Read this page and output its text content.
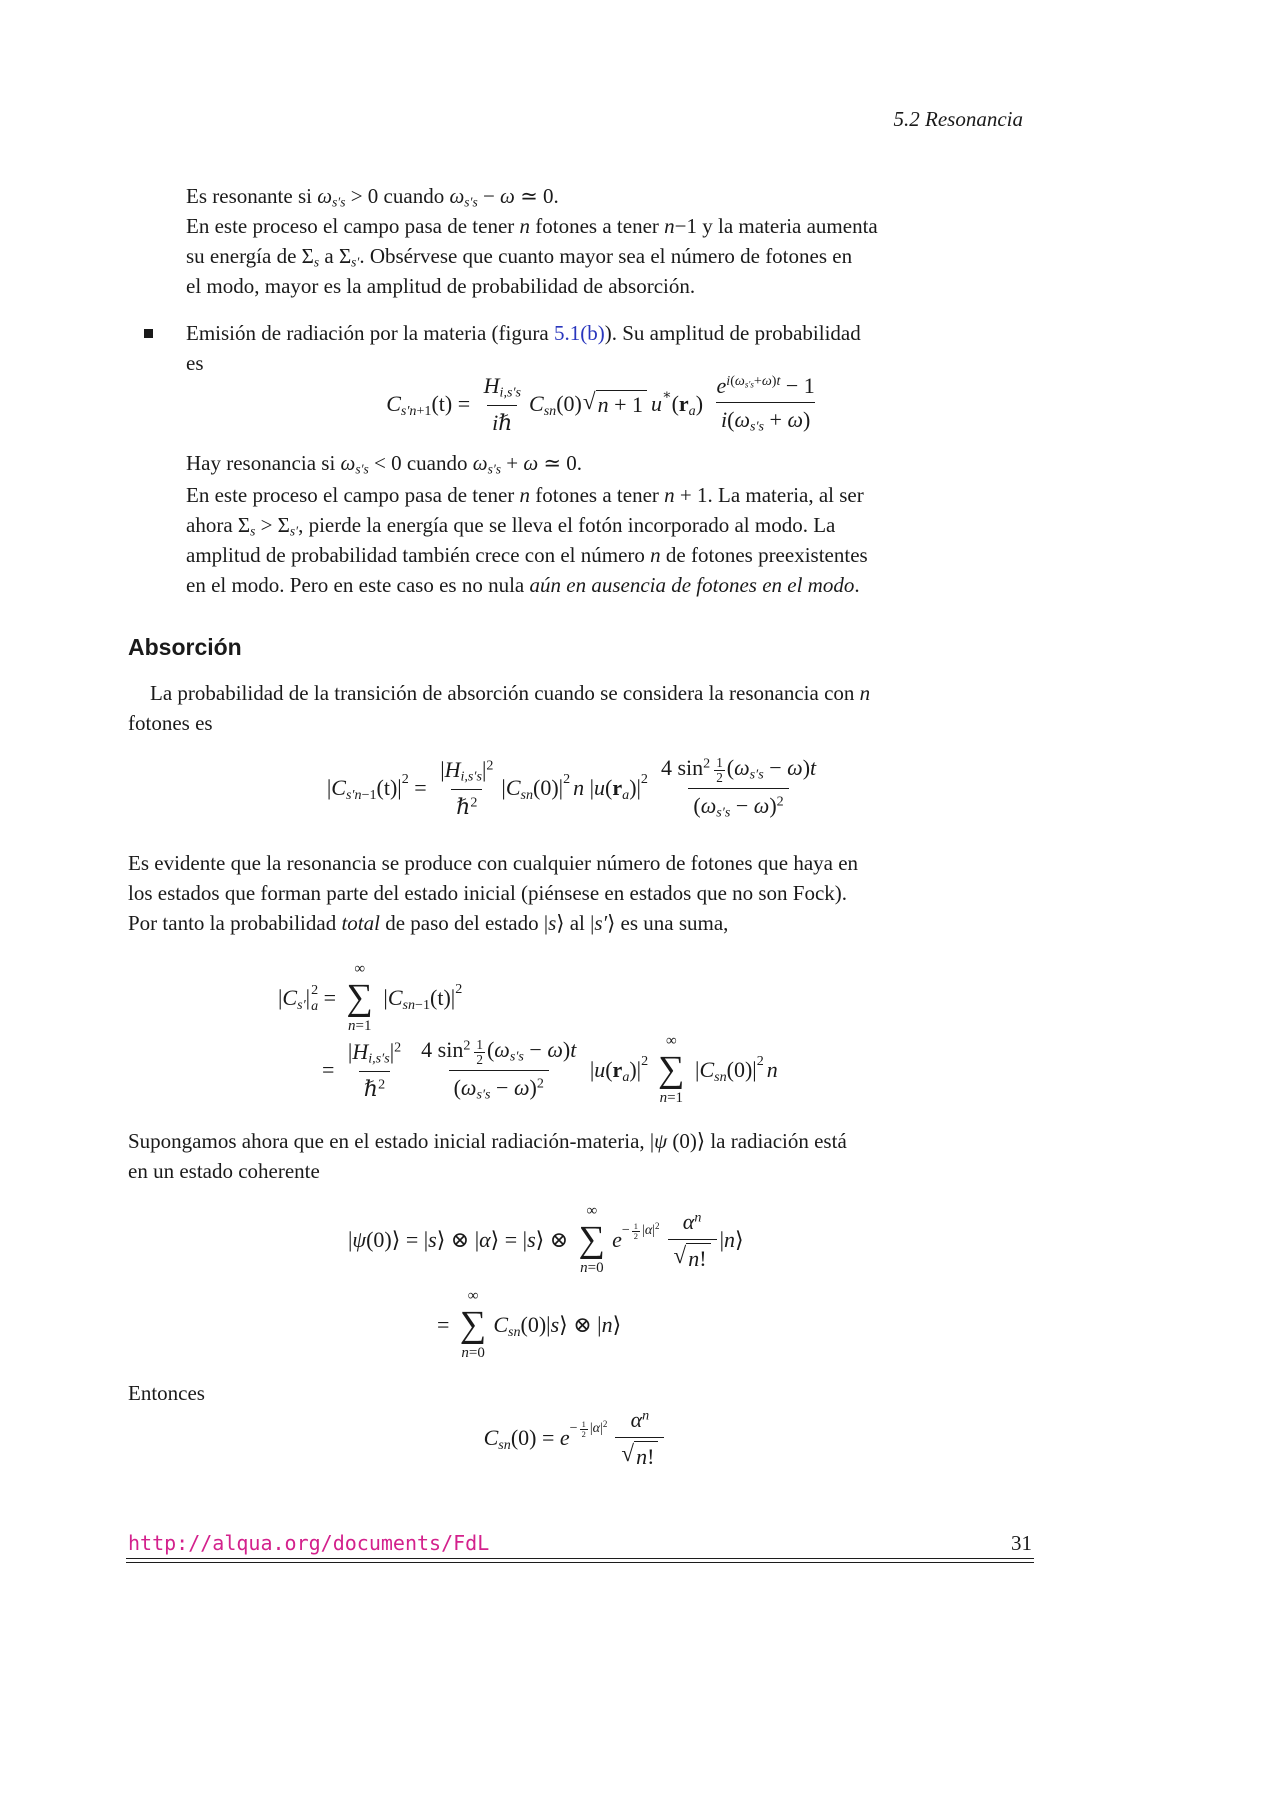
5.2 Resonancia
Es resonante si ωs′s > 0 cuando ωs′s − ω ≃ 0.
En este proceso el campo pasa de tener n fotones a tener n−1 y la materia aumenta
su energía de Σs a Σs′. Obsérvese que cuanto mayor sea el número de fotones en
el modo, mayor es la amplitud de probabilidad de absorción.
Emisión de radiación por la materia (figura 5.1(b)). Su amplitud de probabilidad
es
C s′n+1 (t) =
Hi,s′s
iℏ
C sn (0) √ n + 1 u ∗ ( r a )
$e^{i(\omega s's+\omega)t} - 1$
i(ωs′s + ω)
Hay resonancia si ωs′s < 0 cuando ωs′s + ω ≃ 0.
En este proceso el campo pasa de tener n fotones a tener n + 1. La materia, al ser
ahora Σs > Σs′, pierde la energía que se lleva el fotón incorporado al modo. La
amplitud de probabilidad también crece con el número n de fotones preexistentes
en el modo. Pero en este caso es no nula aún en ausencia de fotones en el modo.
Absorción
La probabilidad de la transición de absorción cuando se considera la resonancia con n
fotones es
| C s′n−1 (t)| 2 =
$|Hi,s's|^2$
ℏ$^2$
| C sn (0)| 2 n | u ( r a )| 2 4 $\sin^2 \frac{1}{2} (\omega s's - \omega)t$
$(\omega s's - \omega)^2$
Es evidente que la resonancia se produce con cualquier número de fotones que haya en
los estados que forman parte del estado inicial (piénsese en estados que no son Fock).
Por tanto la probabilidad total de paso del estado |s⟩ al |s′⟩ es una suma,
| C s′ | 2
a =
∞
∑
n=1
| C sn−1 (t)| 2
=
$|Hi,s's|^2$
ℏ$^2$
4 $\sin^2 \frac{1}{2} (\omega s's - \omega)t$
$(\omega s's - \omega)^2$
| u ( r a )| 2
∞
∑
n=1
| C sn (0)| 2 n
Supongamos ahora que en el estado inicial radiación-materia, |ψ (0)⟩ la radiación está
en un estado coherente
| ψ (0)⟩ = | s ⟩ ⊗ | α ⟩ = | s ⟩ ⊗
∞
∑
n=0
$e - \frac{1}{2} |\alpha|^2$ $\alpha^n$
√ n!
| n ⟩
=
∞
∑
n=0
C sn (0)| s ⟩ ⊗ | n ⟩
Entonces
C sn $(0) = e - \frac{1}{2} |\alpha|^2$ $\alpha^n$
√ n!
http://alqua.org/documents/FdL	31
